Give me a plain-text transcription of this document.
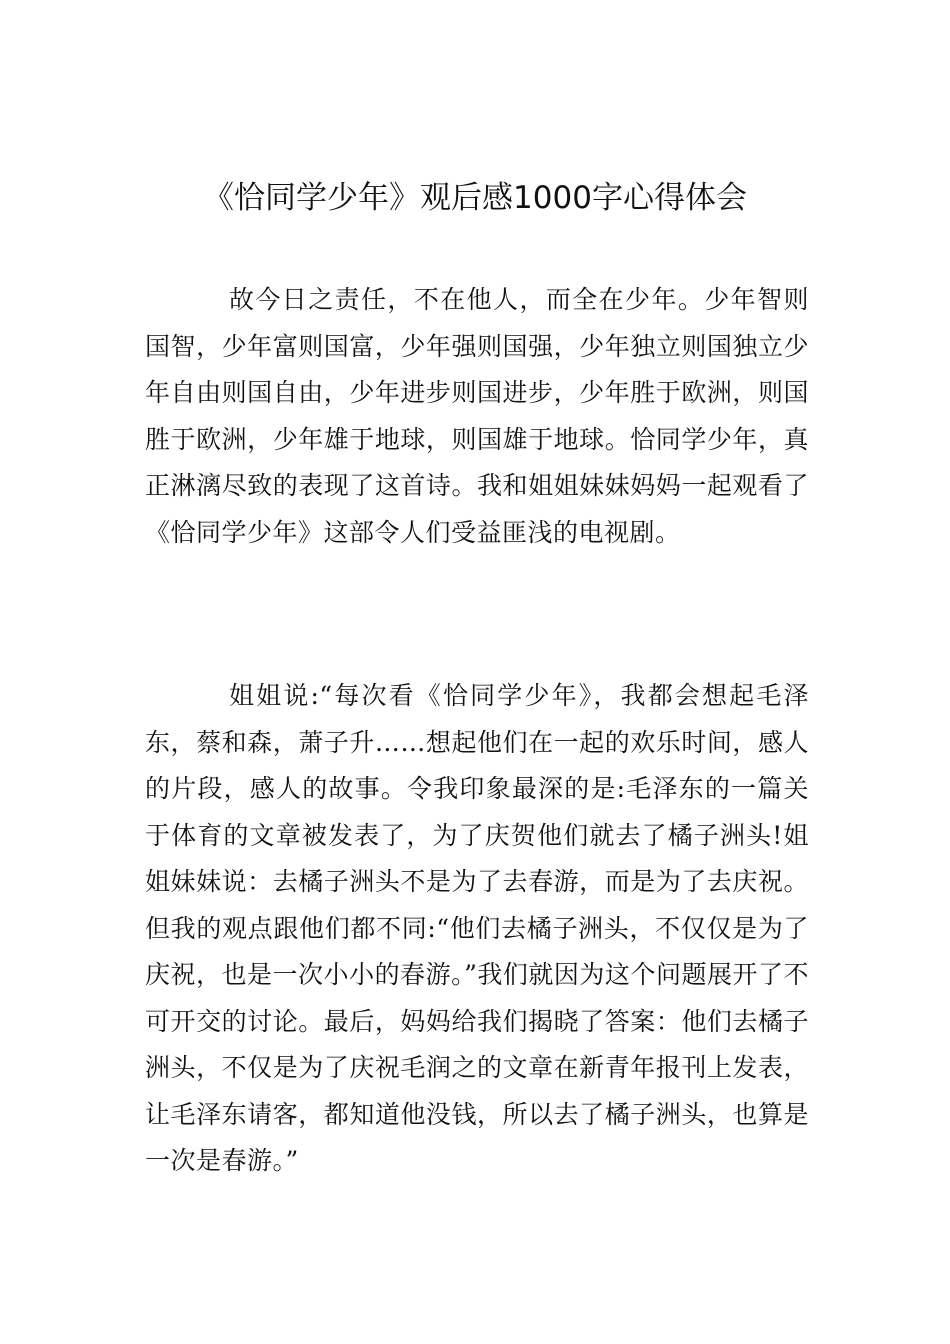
《恰同学少年》观后感1000字心得体会

故今日之责任，不在他人，而全在少年。少年智则国智，少年富则国富，少年强则国强，少年独立则国独立少年自由则国自由，少年进步则国进步，少年胜于欧洲，则国胜于欧洲，少年雄于地球，则国雄于地球。恰同学少年，真正淋漓尽致的表现了这首诗。我和姐姐妹妹妈妈一起观看了《恰同学少年》这部令人们受益匪浅的电视剧。

姐姐说:“每次看《恰同学少年》，我都会想起毛泽东，蔡和森，萧子升……想起他们在一起的欢乐时间，感人的片段，感人的故事。令我印象最深的是:毛泽东的一篇关于体育的文章被发表了，为了庆贺他们就去了橘子洲头!姐姐妹妹说：去橘子洲头不是为了去春游，而是为了去庆祝。但我的观点跟他们都不同:“他们去橘子洲头，不仅仅是为了庆祝，也是一次小小的春游。”我们就因为这个问题展开了不可开交的讨论。最后，妈妈给我们揭晓了答案：他们去橘子洲头，不仅是为了庆祝毛润之的文章在新青年报刊上发表，让毛泽东请客，都知道他没钱，所以去了橘子洲头，也算是一次是春游。”
